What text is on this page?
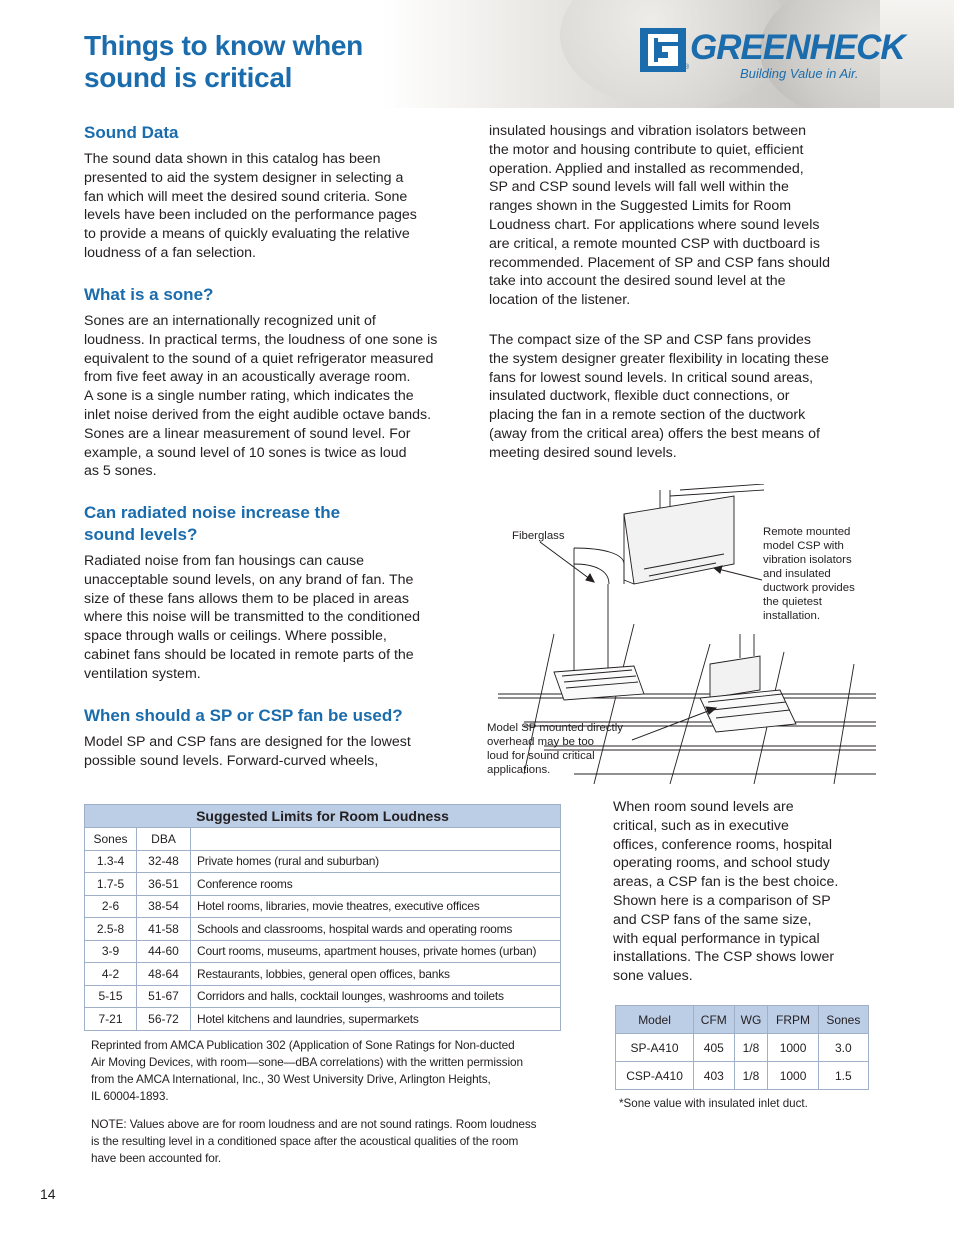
Things to know when
sound is critical
GREENHECK
®	Building Value in Air.
Sound Data

The sound data shown in this catalog has been
presented to aid the system designer in selecting a
fan which will meet the desired sound criteria. Sone
levels have been included on the performance pages
to provide a means of quickly evaluating the relative
loudness of a fan selection.

What is a sone?

Sones are an internationally recognized unit of
loudness. In practical terms, the loudness of one sone is
equivalent to the sound of a quiet refrigerator measured
from five feet away in an acoustically average room.
A sone is a single number rating, which indicates the
inlet noise derived from the eight audible octave bands.
Sones are a linear measurement of sound level. For
example, a sound level of 10 sones is twice as loud
as 5 sones.

Can radiated noise increase the
sound levels?

Radiated noise from fan housings can cause
unacceptable sound levels, on any brand of fan. The
size of these fans allows them to be placed in areas
where this noise will be transmitted to the conditioned
space through walls or ceilings. Where possible,
cabinet fans should be located in remote parts of the
ventilation system.

When should a SP or CSP fan be used?

Model SP and CSP fans are designed for the lowest
possible sound levels. Forward-curved wheels,

insulated housings and vibration isolators between
the motor and housing contribute to quiet, efficient
operation. Applied and installed as recommended,
SP and CSP sound levels will fall well within the
ranges shown in the Suggested Limits for Room
Loudness chart. For applications where sound levels
are critical, a remote mounted CSP with ductboard is
recommended. Placement of SP and CSP fans should
take into account the desired sound level at the
location of the listener.

The compact size of the SP and CSP fans provides
the system designer greater flexibility in locating these
fans for lowest sound levels. In critical sound areas,
insulated ductwork, flexible duct connections, or
placing the fan in a remote section of the ductwork
(away from the critical area) offers the best means of
meeting desired sound levels.

Fiberglass	Remote mounted
model CSP with
vibration isolators
and insulated
ductwork provides
the quietest
installation.
Model SP mounted directly
overhead may be too
loud for sound critical
applications.
Suggested Limits for Room Loudness		
Sones	DBA	
1.3-4	32-48	Private homes (rural and suburban)
1.7-5	36-51	Conference rooms
2-6	38-54	Hotel rooms, libraries, movie theatres, executive offices
2.5-8	41-58	Schools and classrooms, hospital wards and operating rooms
3-9	44-60	Court rooms, museums, apartment houses, private homes (urban)
4-2	48-64	Restaurants, lobbies, general open offices, banks
5-15	51-67	Corridors and halls, cocktail lounges, washrooms and toilets
7-21	56-72	Hotel kitchens and laundries, supermarkets
Reprinted from AMCA Publication 302 (Application of Sone Ratings for Non-ducted
Air Moving Devices, with room—sone—dBA correlations) with the written permission
from the AMCA International, Inc., 30 West University Drive, Arlington Heights,
IL 60004-1893.
NOTE: Values above are for room loudness and are not sound ratings. Room loudness
is the resulting level in a conditioned space after the acoustical qualities of the room
have been accounted for.

When room sound levels are
critical, such as in executive
offices, conference rooms, hospital
operating rooms, and school study
areas, a CSP fan is the best choice.
Shown here is a comparison of SP
and CSP fans of the same size,
with equal performance in typical
installations. The CSP shows lower
sone values.

Model	CFM	WG	FRPM	Sones
SP-A410	405	1/8	1000	3.0
CSP-A410	403	1/8	1000	1.5
*Sone value with insulated inlet duct.
14
